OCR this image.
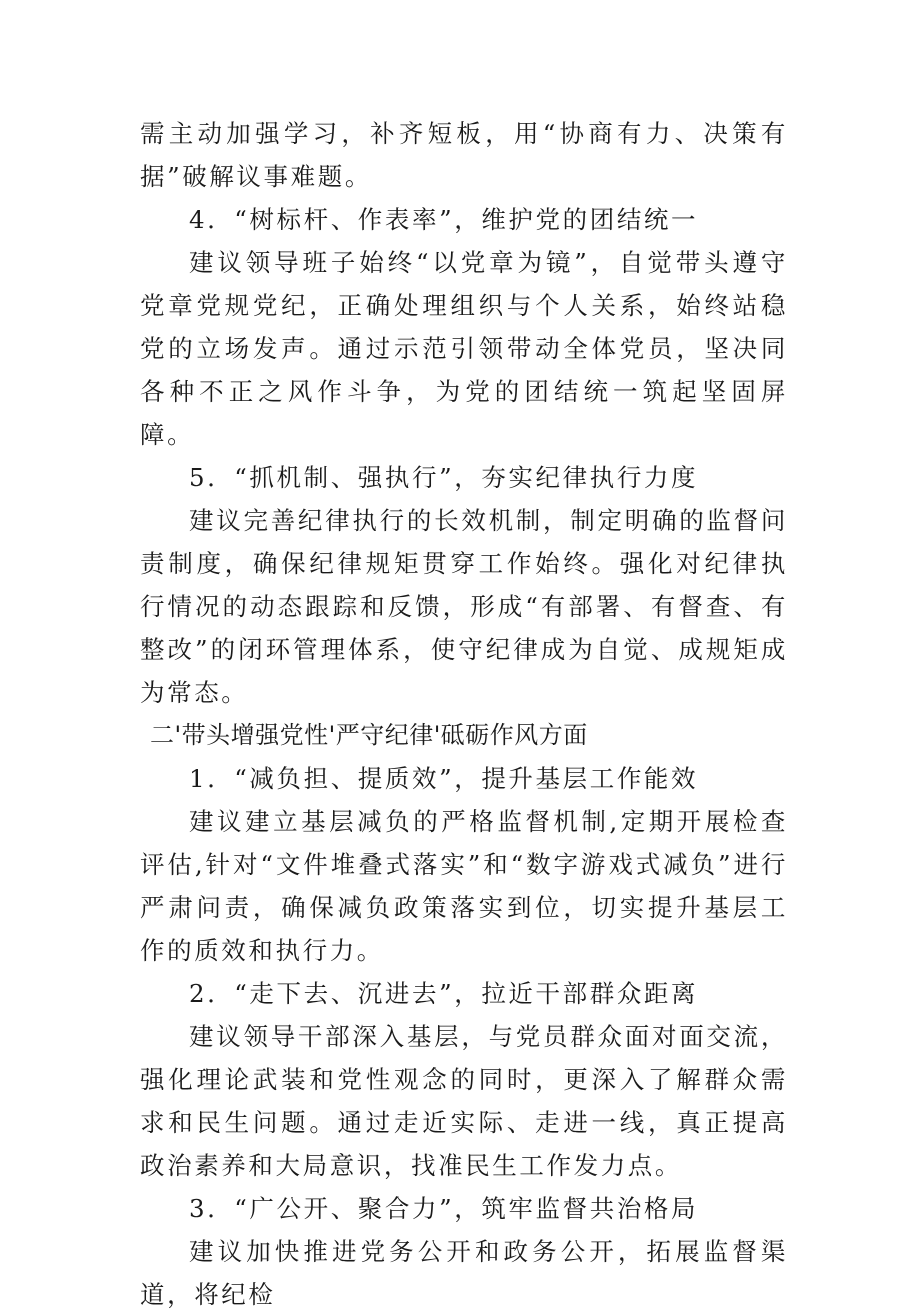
需主动加强学习，补齐短板，用“协商有力、决策有据”破解议事难题。

4．“树标杆、作表率”，维护党的团结统一

建议领导班子始终“以党章为镜”，自觉带头遵守党章党规党纪，正确处理组织与个人关系，始终站稳党的立场发声。通过示范引领带动全体党员，坚决同各种不正之风作斗争，为党的团结统一筑起坚固屏障。

5．“抓机制、强执行”，夯实纪律执行力度

建议完善纪律执行的长效机制，制定明确的监督问责制度，确保纪律规矩贯穿工作始终。强化对纪律执行情况的动态跟踪和反馈，形成“有部署、有督查、有整改”的闭环管理体系，使守纪律成为自觉、成规矩成为常态。

二'带头增强党性'严守纪律'砥砺作风方面

1．“减负担、提质效”，提升基层工作能效

建议建立基层减负的严格监督机制,定期开展检查评估,针对“文件堆叠式落实”和“数字游戏式减负”进行严肃问责，确保减负政策落实到位，切实提升基层工作的质效和执行力。

2．“走下去、沉进去”，拉近干部群众距离

建议领导干部深入基层，与党员群众面对面交流，强化理论武装和党性观念的同时，更深入了解群众需求和民生问题。通过走近实际、走进一线，真正提高政治素养和大局意识，找准民生工作发力点。

3．“广公开、聚合力”，筑牢监督共治格局

建议加快推进党务公开和政务公开，拓展监督渠道，将纪检
